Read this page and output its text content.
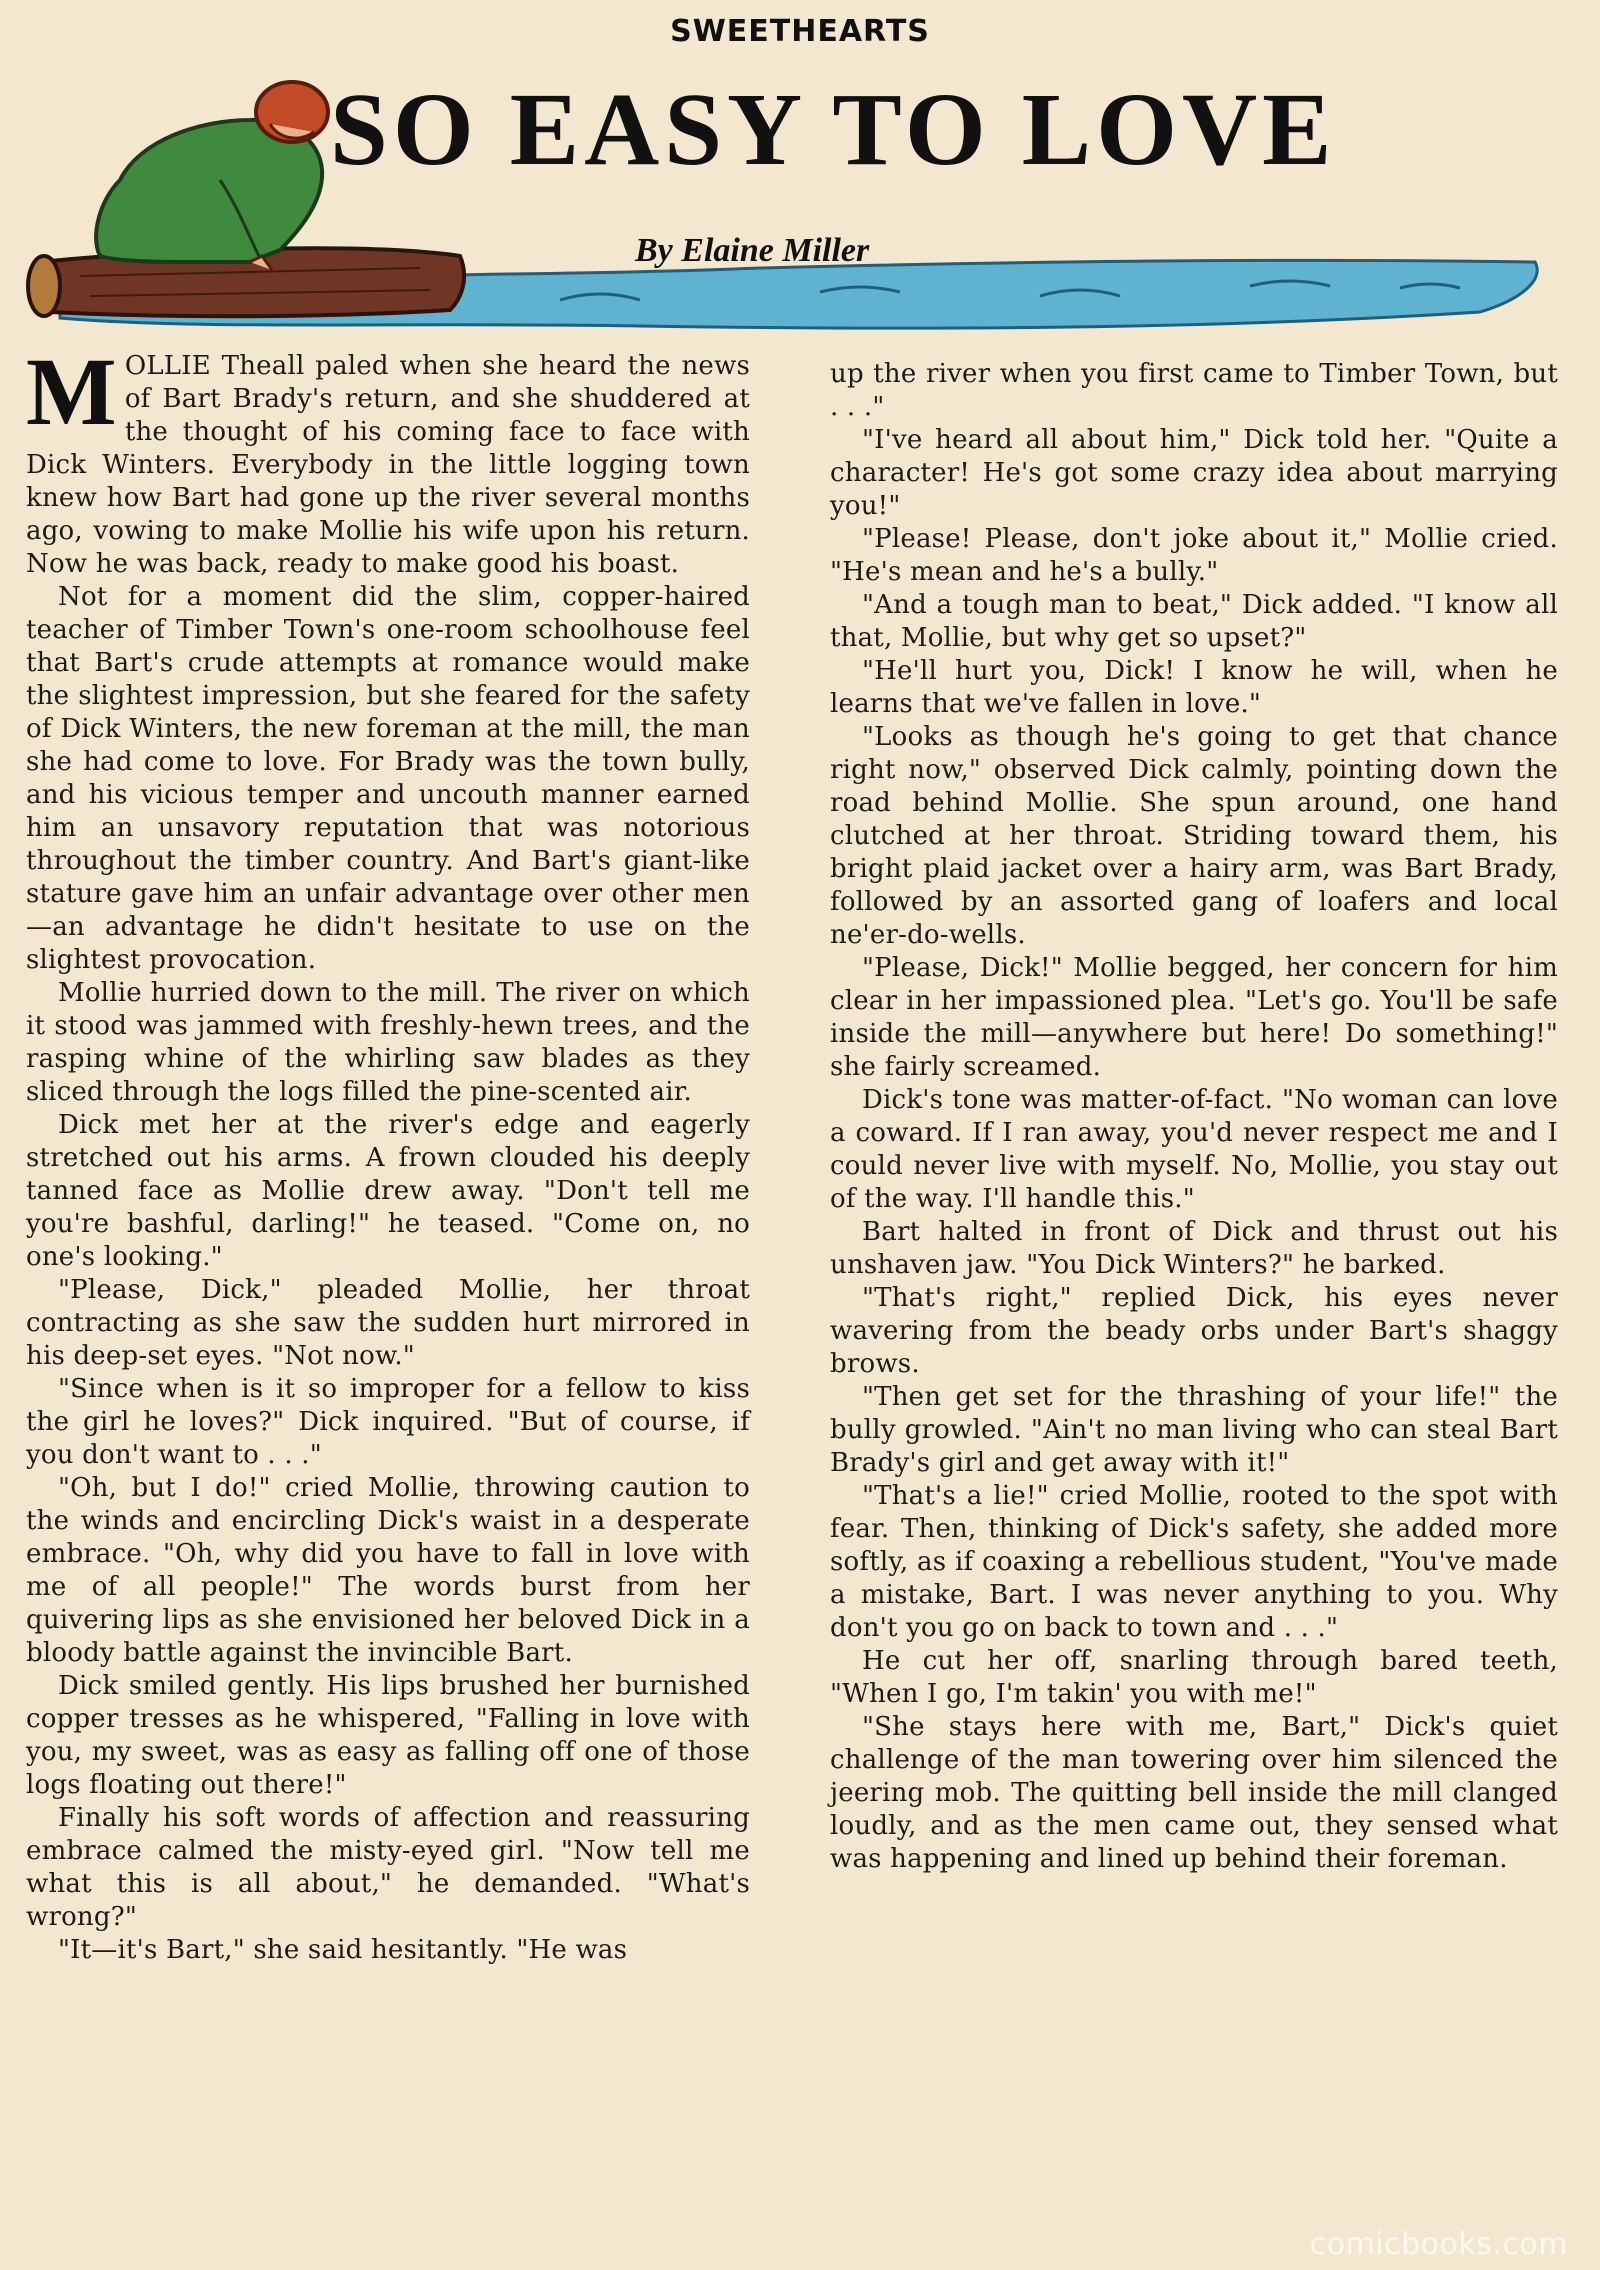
SWEETHEARTS
SO EASY TO LOVE
By Elaine Miller

MOLLIE Theall paled when she heard the news of Bart Brady's return, and she shuddered at the thought of his coming face to face with Dick Winters. Everybody in the little logging town knew how Bart had gone up the river several months ago, vowing to make Mollie his wife upon his return. Now he was back, ready to make good his boast.

Not for a moment did the slim, copper-haired teacher of Timber Town's one-room schoolhouse feel that Bart's crude attempts at romance would make the slightest impression, but she feared for the safety of Dick Winters, the new foreman at the mill, the man she had come to love. For Brady was the town bully, and his vicious temper and uncouth manner earned him an unsavory reputation that was notorious throughout the timber country. And Bart's giant-like stature gave him an unfair advantage over other men—an advantage he didn't hesitate to use on the slightest provocation.

Mollie hurried down to the mill. The river on which it stood was jammed with freshly-hewn trees, and the rasping whine of the whirling saw blades as they sliced through the logs filled the pine-scented air.

Dick met her at the river's edge and eagerly stretched out his arms. A frown clouded his deeply tanned face as Mollie drew away. "Don't tell me you're bashful, darling!" he teased. "Come on, no one's looking."

"Please, Dick," pleaded Mollie, her throat contracting as she saw the sudden hurt mirrored in his deep-set eyes. "Not now."

"Since when is it so improper for a fellow to kiss the girl he loves?" Dick inquired. "But of course, if you don't want to . . ."

"Oh, but I do!" cried Mollie, throwing caution to the winds and encircling Dick's waist in a desperate embrace. "Oh, why did you have to fall in love with me of all people!" The words burst from her quivering lips as she envisioned her beloved Dick in a bloody battle against the invincible Bart.

Dick smiled gently. His lips brushed her burnished copper tresses as he whispered, "Falling in love with you, my sweet, was as easy as falling off one of those logs floating out there!"

Finally his soft words of affection and reassuring embrace calmed the misty-eyed girl. "Now tell me what this is all about," he demanded. "What's wrong?"

"It—it's Bart," she said hesitantly. "He was

up the river when you first came to Timber Town, but . . ."

"I've heard all about him," Dick told her. "Quite a character! He's got some crazy idea about marrying you!"

"Please! Please, don't joke about it," Mollie cried. "He's mean and he's a bully."

"And a tough man to beat," Dick added. "I know all that, Mollie, but why get so upset?"

"He'll hurt you, Dick! I know he will, when he learns that we've fallen in love."

"Looks as though he's going to get that chance right now," observed Dick calmly, pointing down the road behind Mollie. She spun around, one hand clutched at her throat. Striding toward them, his bright plaid jacket over a hairy arm, was Bart Brady, followed by an assorted gang of loafers and local ne'er-do-wells.

"Please, Dick!" Mollie begged, her concern for him clear in her impassioned plea. "Let's go. You'll be safe inside the mill—anywhere but here! Do something!" she fairly screamed.

Dick's tone was matter-of-fact. "No woman can love a coward. If I ran away, you'd never respect me and I could never live with myself. No, Mollie, you stay out of the way. I'll handle this."

Bart halted in front of Dick and thrust out his unshaven jaw. "You Dick Winters?" he barked.

"That's right," replied Dick, his eyes never wavering from the beady orbs under Bart's shaggy brows.

"Then get set for the thrashing of your life!" the bully growled. "Ain't no man living who can steal Bart Brady's girl and get away with it!"

"That's a lie!" cried Mollie, rooted to the spot with fear. Then, thinking of Dick's safety, she added more softly, as if coaxing a rebellious student, "You've made a mistake, Bart. I was never anything to you. Why don't you go on back to town and . . ."

He cut her off, snarling through bared teeth, "When I go, I'm takin' you with me!"

"She stays here with me, Bart," Dick's quiet challenge of the man towering over him silenced the jeering mob. The quitting bell inside the mill clanged loudly, and as the men came out, they sensed what was happening and lined up behind their foreman.

comicbooks.com
